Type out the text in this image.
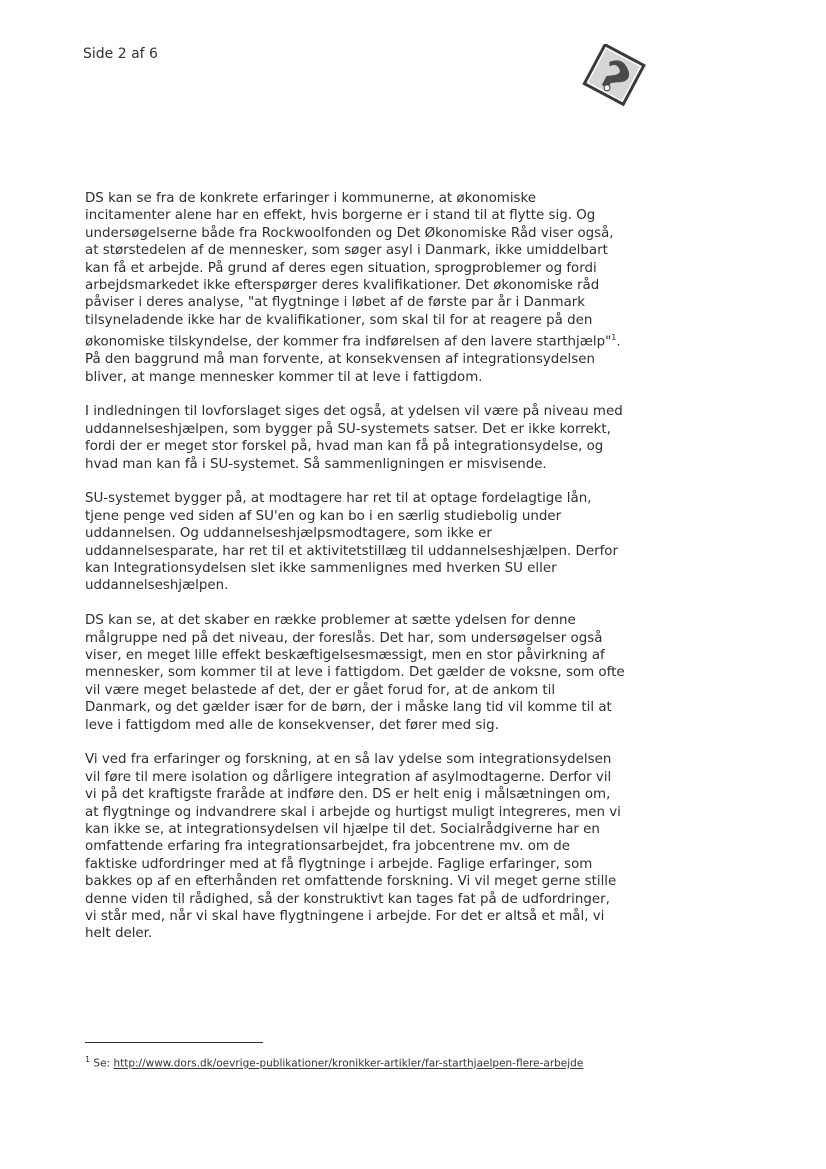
Side 2 af 6

DS kan se fra de konkrete erfaringer i kommunerne, at økonomiske incitamenter alene har en effekt, hvis borgerne er i stand til at flytte sig. Og undersøgelserne både fra Rockwoolfonden og Det Økonomiske Råd viser også, at størstedelen af de mennesker, som søger asyl i Danmark, ikke umiddelbart kan få et arbejde. På grund af deres egen situation, sprogproblemer og fordi arbejdsmarkedet ikke efterspørger deres kvalifikationer. Det økonomiske råd påviser i deres analyse, "at flygtninge i løbet af de første par år i Danmark tilsyneladende ikke har de kvalifikationer, som skal til for at reagere på den økonomiske tilskyndelse, der kommer fra indførelsen af den lavere starthjælp"$^1$. På den baggrund må man forvente, at konsekvensen af integrationsydelsen bliver, at mange mennesker kommer til at leve i fattigdom.

I indledningen til lovforslaget siges det også, at ydelsen vil være på niveau med uddannelseshjælpen, som bygger på SU-systemets satser. Det er ikke korrekt, fordi der er meget stor forskel på, hvad man kan få på integrationsydelse, og hvad man kan få i SU-systemet. Så sammenligningen er misvisende.

SU-systemet bygger på, at modtagere har ret til at optage fordelagtige lån, tjene penge ved siden af SU'en og kan bo i en særlig studiebolig under uddannelsen. Og uddannelseshjælpsmodtagere, som ikke er uddannelsesparate, har ret til et aktivitetstillæg til uddannelseshjælpen. Derfor kan Integrationsydelsen slet ikke sammenlignes med hverken SU eller uddannelseshjælpen.

DS kan se, at det skaber en række problemer at sætte ydelsen for denne målgruppe ned på det niveau, der foreslås. Det har, som undersøgelser også viser, en meget lille effekt beskæftigelsesmæssigt, men en stor påvirkning af mennesker, som kommer til at leve i fattigdom. Det gælder de voksne, som ofte vil være meget belastede af det, der er gået forud for, at de ankom til Danmark, og det gælder især for de børn, der i måske lang tid vil komme til at leve i fattigdom med alle de konsekvenser, det fører med sig.

Vi ved fra erfaringer og forskning, at en så lav ydelse som integrationsydelsen vil føre til mere isolation og dårligere integration af asylmodtagerne. Derfor vil vi på det kraftigste fraråde at indføre den. DS er helt enig i målsætningen om, at flygtninge og indvandrere skal i arbejde og hurtigst muligt integreres, men vi kan ikke se, at integrationsydelsen vil hjælpe til det. Socialrådgiverne har en omfattende erfaring fra integrationsarbejdet, fra jobcentrene mv. om de faktiske udfordringer med at få flygtninge i arbejde. Faglige erfaringer, som bakkes op af en efterhånden ret omfattende forskning. Vi vil meget gerne stille denne viden til rådighed, så der konstruktivt kan tages fat på de udfordringer, vi står med, når vi skal have flygtningene i arbejde. For det er altså et mål, vi helt deler.

$^1$ Se: http://www.dors.dk/oevrige-publikationer/kronikker-artikler/far-starthjaelpen-flere-arbejde
